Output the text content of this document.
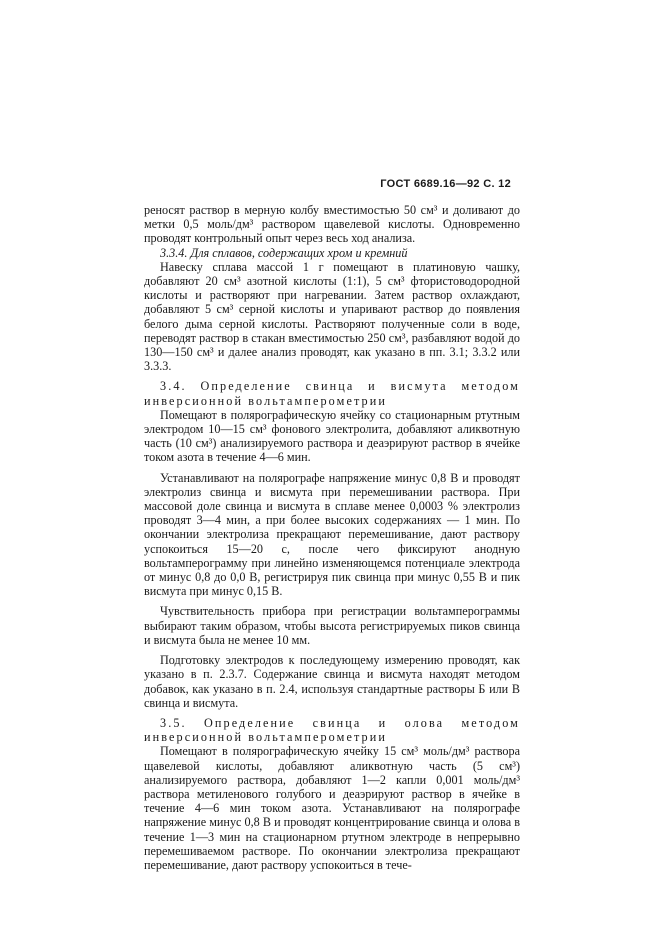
ГОСТ 6689.16—92 С. 12

реносят раствор в мерную колбу вместимостью 50 см³ и доливают до метки 0,5 моль/дм³ раствором щавелевой кислоты. Одновременно проводят контрольный опыт через весь ход анализа.

3.3.4. Для сплавов, содержащих хром и кремний

Навеску сплава массой 1 г помещают в платиновую чашку, добавляют 20 см³ азотной кислоты (1:1), 5 см³ фтористоводородной кислоты и растворяют при нагревании. Затем раствор охлаждают, добавляют 5 см³ серной кислоты и упаривают раствор до появления белого дыма серной кислоты. Растворяют полученные соли в воде, переводят раствор в стакан вместимостью 250 см³, разбавляют водой до 130—150 см³ и далее анализ проводят, как указано в пп. 3.1; 3.3.2 или 3.3.3.

3.4. Определение свинца и висмута методом инверсионной вольтамперометрии

Помещают в полярографическую ячейку со стационарным ртутным электродом 10—15 см³ фонового электролита, добавляют аликвотную часть (10 см³) анализируемого раствора и деаэрируют раствор в ячейке током азота в течение 4—6 мин.

Устанавливают на полярографе напряжение минус 0,8 В и проводят электролиз свинца и висмута при перемешивании раствора. При массовой доле свинца и висмута в сплаве менее 0,0003 % электролиз проводят 3—4 мин, а при более высоких содержаниях — 1 мин. По окончании электролиза прекращают перемешивание, дают раствору успокоиться 15—20 с, после чего фиксируют анодную вольтамперограмму при линейно изменяющемся потенциале электрода от минус 0,8 до 0,0 В, регистрируя пик свинца при минус 0,55 В и пик висмута при минус 0,15 В.

Чувствительность прибора при регистрации вольтамперограммы выбирают таким образом, чтобы высота регистрируемых пиков свинца и висмута была не менее 10 мм.

Подготовку электродов к последующему измерению проводят, как указано в п. 2.3.7. Содержание свинца и висмута находят методом добавок, как указано в п. 2.4, используя стандартные растворы Б или В свинца и висмута.

3.5. Определение свинца и олова методом инверсионной вольтамперометрии

Помещают в полярографическую ячейку 15 см³ моль/дм³ раствора щавелевой кислоты, добавляют аликвотную часть (5 см³) анализируемого раствора, добавляют 1—2 капли 0,001 моль/дм³ раствора метиленового голубого и деаэрируют раствор в ячейке в течение 4—6 мин током азота. Устанавливают на полярографе напряжение минус 0,8 В и проводят концентрирование свинца и олова в течение 1—3 мин на стационарном ртутном электроде в непрерывно перемешиваемом растворе. По окончании электролиза прекращают перемешивание, дают раствору успокоиться в тече-
